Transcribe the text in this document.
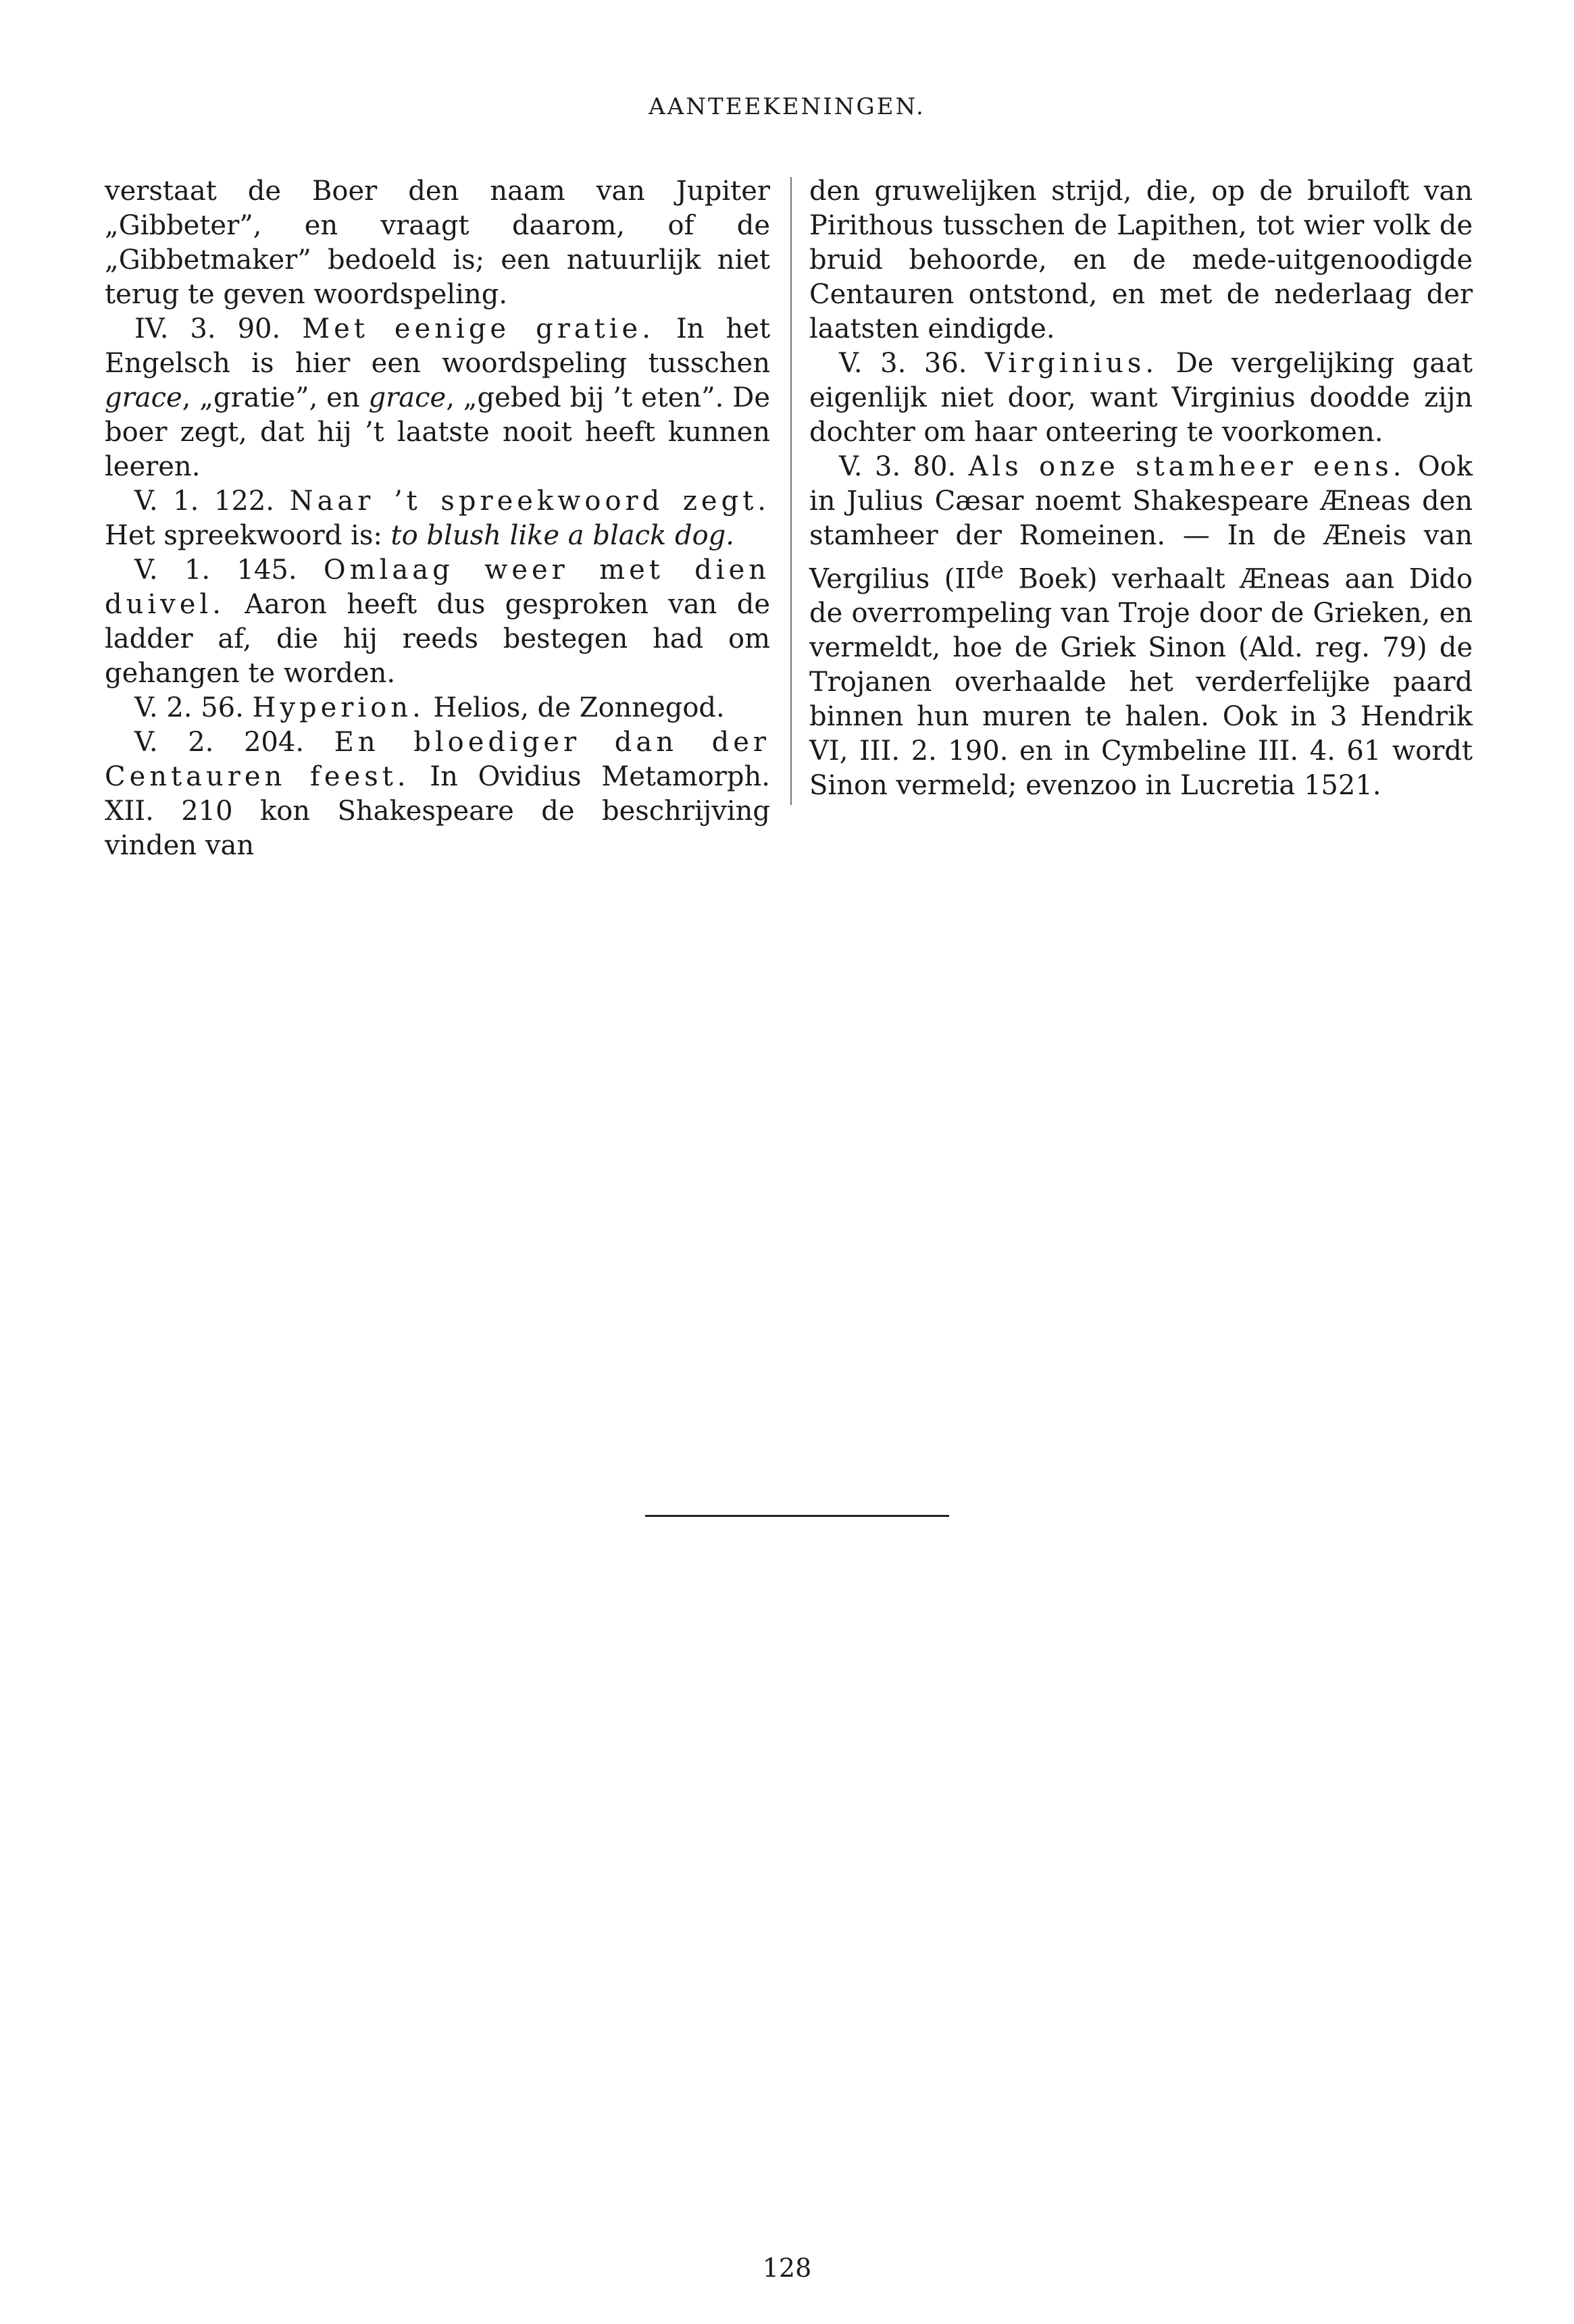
AANTEEKENINGEN.

verstaat de Boer den naam van Jupiter „Gibbeter”, en vraagt daarom, of de „Gibbetmaker” bedoeld is; een natuurlijk niet terug te geven woordspeling.

IV. 3. 90. Met eenige gratie. In het Engelsch is hier een woordspeling tusschen grace, „gratie”, en grace, „gebed bij ’t eten”. De boer zegt, dat hij ’t laatste nooit heeft kunnen leeren.

V. 1. 122. Naar ’t spreekwoord zegt. Het spreekwoord is: to blush like a black dog.

V. 1. 145. Omlaag weer met dien duivel. Aaron heeft dus gesproken van de ladder af, die hij reeds bestegen had om gehangen te worden.

V. 2. 56. Hyperion. Helios, de Zonnegod.

V. 2. 204. En bloediger dan der Centauren feest. In Ovidius Metamorph. XII. 210 kon Shakespeare de beschrijving vinden van

den gruwelijken strijd, die, op de bruiloft van Pirithous tusschen de Lapithen, tot wier volk de bruid behoorde, en de mede-uitgenoodigde Centauren ontstond, en met de nederlaag der laatsten eindigde.

V. 3. 36. Virginius. De vergelijking gaat eigenlijk niet door, want Virginius doodde zijn dochter om haar onteering te voorkomen.

V. 3. 80. Als onze stamheer eens. Ook in Julius Cæsar noemt Shakespeare Æneas den stamheer der Romeinen. — In de Æneis van Vergilius (IIde Boek) verhaalt Æneas aan Dido de overrompeling van Troje door de Grieken, en vermeldt, hoe de Griek Sinon (Ald. reg. 79) de Trojanen overhaalde het verderfelijke paard binnen hun muren te halen. Ook in 3 Hendrik VI, III. 2. 190. en in Cymbeline III. 4. 61 wordt Sinon vermeld; evenzoo in Lucretia 1521.

128
